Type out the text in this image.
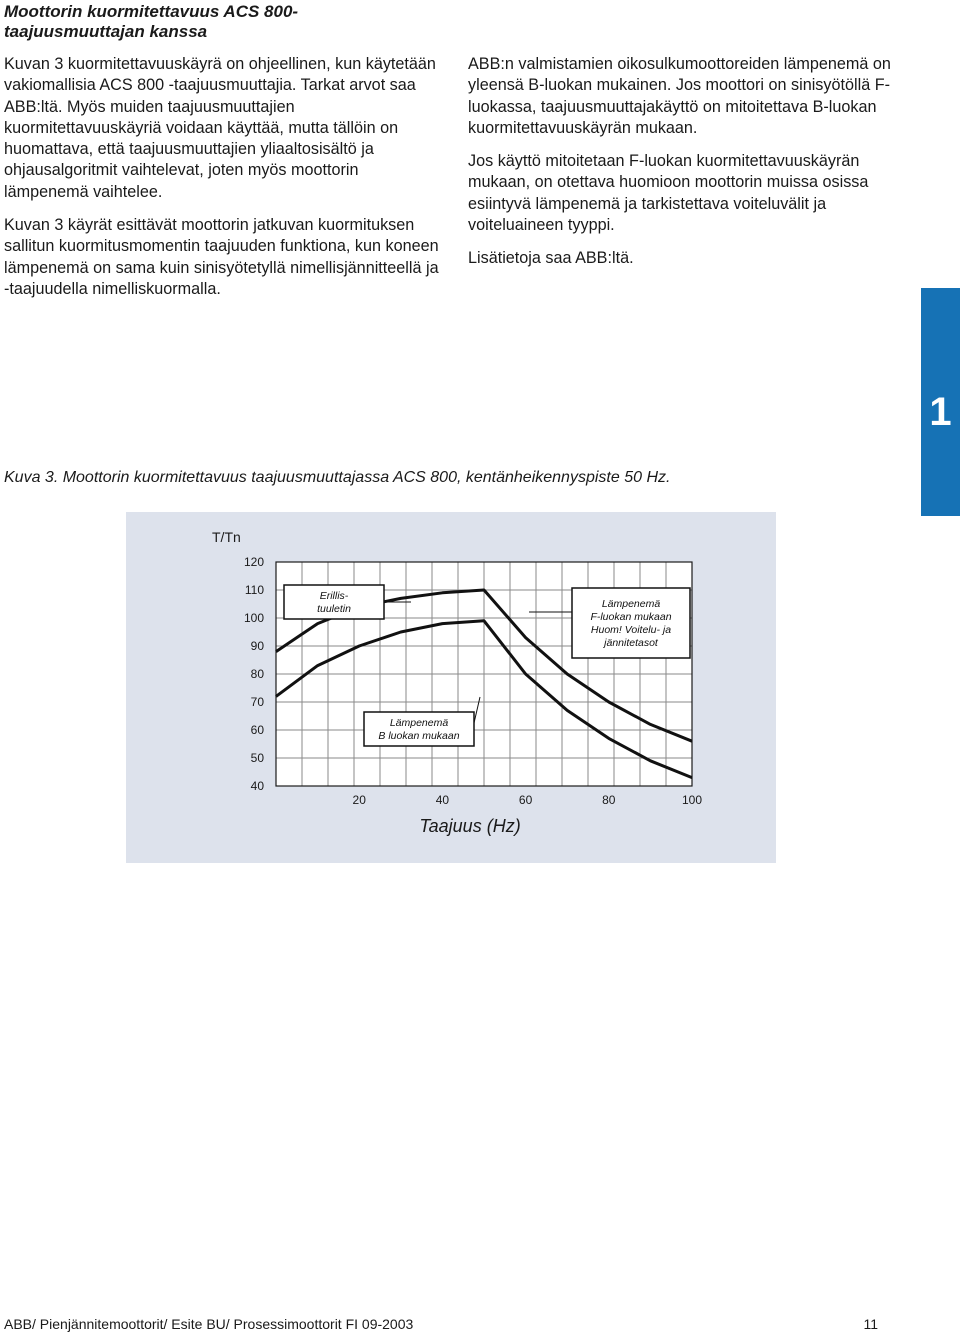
Moottorin kuormitettavuus ACS 800-
taajuusmuuttajan kanssa

Kuvan 3 kuormitettavuuskäyrä on ohjeellinen, kun käytetään vakiomallisia ACS 800 -taajuusmuuttajia. Tarkat arvot saa ABB:ltä. Myös muiden taajuusmuuttajien kuormitettavuuskäyriä voidaan käyttää, mutta tällöin on huomattava, että taajuusmuuttajien yliaaltosisältö ja ohjausalgoritmit vaihtelevat, joten myös moottorin lämpenemä vaihtelee.

Kuvan 3 käyrät esittävät moottorin jatkuvan kuormituksen sallitun kuormitusmomentin taajuuden funktiona, kun koneen lämpenemä on sama kuin sinisyötetyllä nimellisjännitteellä ja -taajuudella nimelliskuormalla.

ABB:n valmistamien oikosulkumoottoreiden lämpenemä on yleensä B-luokan mukainen. Jos moottori on sinisyötöllä F-luokassa, taajuusmuuttajakäyttö on mitoitettava B-luokan kuormitettavuuskäyrän mukaan.

Jos käyttö mitoitetaan F-luokan kuormitettavuuskäyrän mukaan, on otettava huomioon moottorin muissa osissa esiintyvä lämpenemä ja tarkistettava voiteluvälit ja voiteluaineen tyyppi.

Lisätietoja saa ABB:ltä.

1
Kuva 3. Moottorin kuormitettavuus taajuusmuuttajassa ACS 800, kentänheikennyspiste 50 Hz.
120
110
100
90
80
70
60
50
40
20	40	60	80	100
T/Tn
Taajuus (Hz)
Erillis-
tuuletin	Lämpenemä
F-luokan mukaan
Huom! Voitelu- ja
jännitetasot
Lämpenemä
B luokan mukaan
ABB/ Pienjännitemoottorit/ Esite BU/ Prosessimoottorit FI 09-2003	11
